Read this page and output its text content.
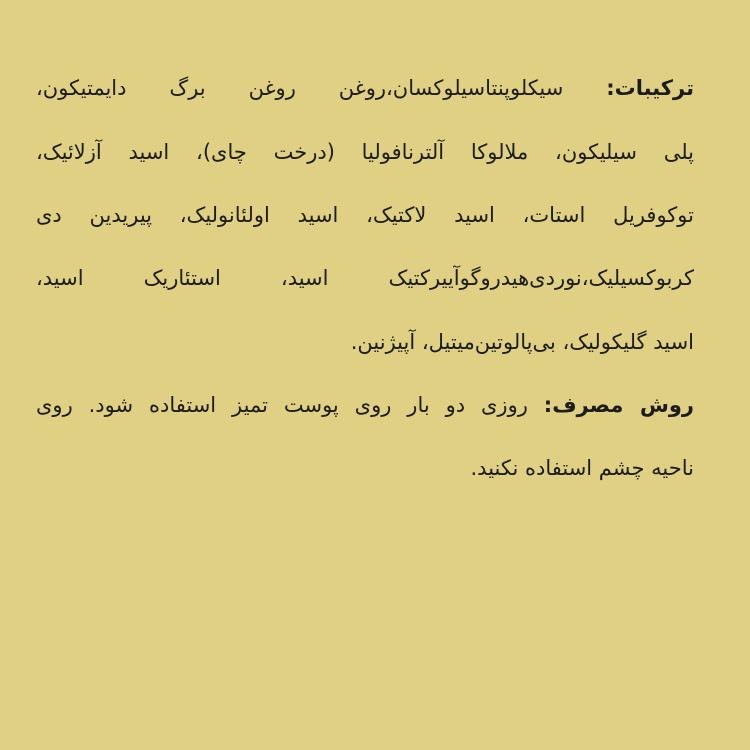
ترکیبات: سیکلوپنتاسیلوکسان،روغن روغن برگ دایمتیکون،
پلی سیلیکون، ملالوکا آلترنافولیا (درخت چای)، اسید آزلائیک،
توکوفریل استات، اسید لاکتیک، اسید اولئانولیک، پیریدین دی
کربوکسیلیک،نوردی‌هیدروگوآییرکتیک اسید، استئاریک اسید،
اسید گلیکولیک، بی‌پالوتین‌میتیل، آپیژنین.
روش مصرف: روزی دو بار روی پوست تمیز استفاده شود. روی
ناحیه چشم استفاده نکنید.
